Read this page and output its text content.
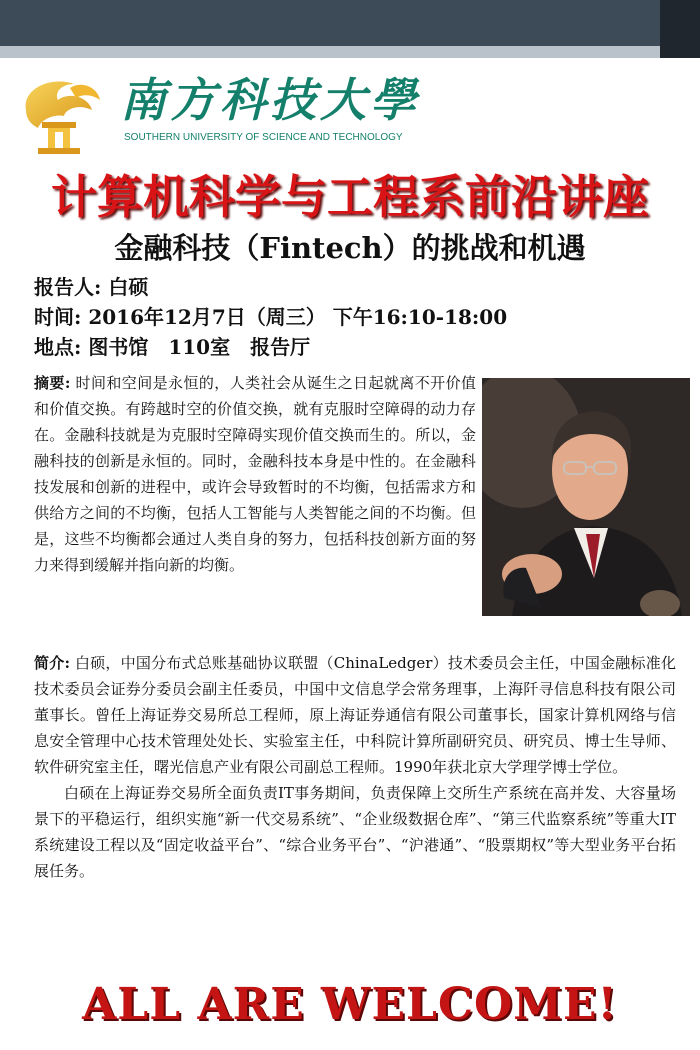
南方科技大學
SOUTHERN UNIVERSITY OF SCIENCE AND TECHNOLOGY
计算机科学与工程系前沿讲座
金融科技（Fintech）的挑战和机遇
报告人: 白硕
时间: 2016年12月7日（周三） 下午16:10-18:00
地点: 图书馆　110室　报告厅

摘要: 时间和空间是永恒的，人类社会从诞生之日起就离不开价值和价值交换。有跨越时空的价值交换，就有克服时空障碍的动力存在。金融科技就是为克服时空障碍实现价值交换而生的。所以，金融科技的创新是永恒的。同时，金融科技本身是中性的。在金融科技发展和创新的进程中，或许会导致暂时的不均衡，包括需求方和供给方之间的不均衡，包括人工智能与人类智能之间的不均衡。但是，这些不均衡都会通过人类自身的努力，包括科技创新方面的努力来得到缓解并指向新的均衡。

简介: 白硕，中国分布式总账基础协议联盟（ChinaLedger）技术委员会主任，中国金融标准化技术委员会证券分委员会副主任委员，中国中文信息学会常务理事，上海阡寻信息科技有限公司董事长。曾任上海证券交易所总工程师，原上海证券通信有限公司董事长，国家计算机网络与信息安全管理中心技术管理处处长、实验室主任，中科院计算所副研究员、研究员、博士生导师、软件研究室主任，曙光信息产业有限公司副总工程师。1990年获北京大学理学博士学位。

白硕在上海证券交易所全面负责IT事务期间，负责保障上交所生产系统在高并发、大容量场景下的平稳运行，组织实施“新一代交易系统”、“企业级数据仓库”、“第三代监察系统”等重大IT系统建设工程以及“固定收益平台”、“综合业务平台”、“沪港通”、“股票期权”等大型业务平台拓展任务。

ALL ARE WELCOME!
